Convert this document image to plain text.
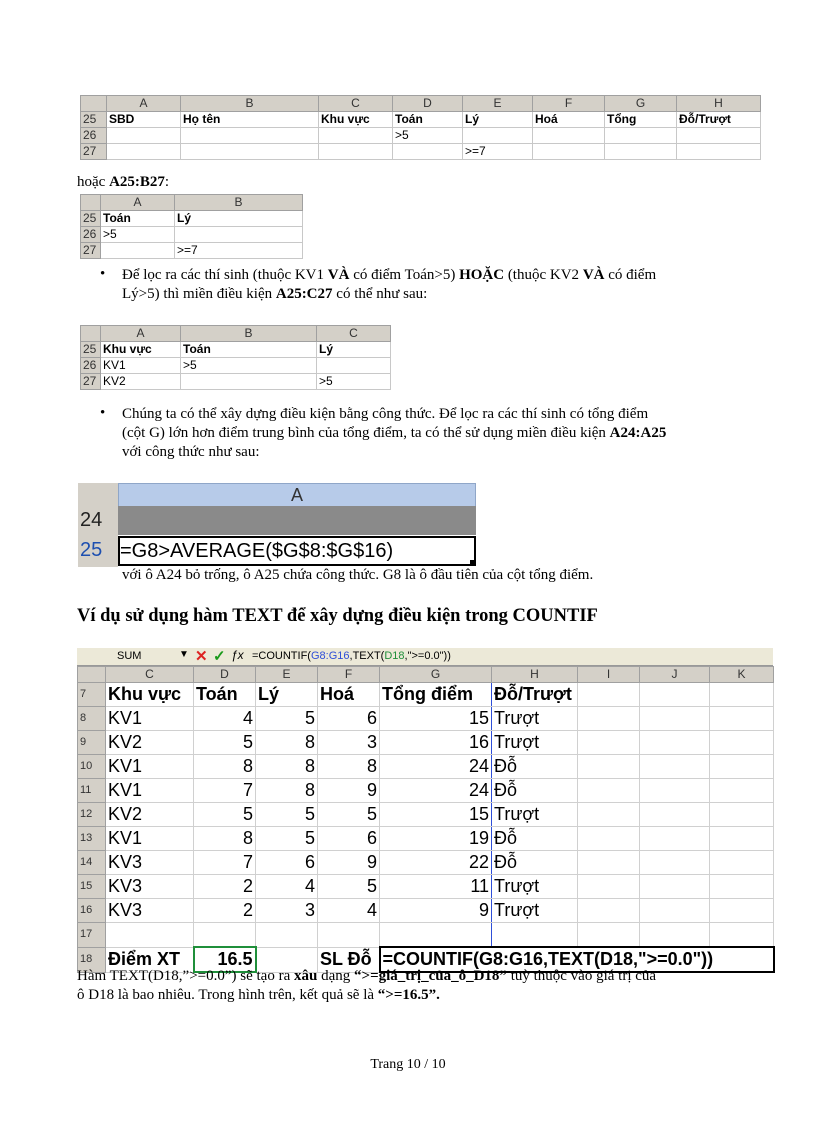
	A	B	C	D	E	F	G	H
25	SBD	Họ tên	Khu vực	Toán	Lý	Hoá	Tổng	Đỗ/Trượt
26				>5				
27					>=7			
hoặc A25:B27:
	A	B
25	Toán	Lý
26	>5	
27		>=7
• Để lọc ra các thí sinh (thuộc KV1 VÀ có điểm Toán>5) HOẶC (thuộc KV2 VÀ có điểm
Lý>5) thì miền điều kiện A25:C27 có thể như sau:
	A	B	C
25	Khu vực	Toán	Lý
26	KV1	>5	
27	KV2		>5
• Chúng ta có thể xây dựng điều kiện bằng công thức. Để lọc ra các thí sinh có tổng điểm
(cột G) lớn hơn điểm trung bình của tổng điểm, ta có thể sử dụng miền điều kiện A24:A25
với công thức như sau:
A
24
25 =G8>AVERAGE($G$8:$G$16)
với ô A24 bỏ trống, ô A25 chứa công thức. G8 là ô đầu tiên của cột tổng điểm.
Ví dụ sử dụng hàm TEXT để xây dựng điều kiện trong COUNTIF
SUM	▼ ✕ ✓ ƒx =COUNTIF(G8:G16,TEXT(D18,">=0.0"))
	C	D	E	F	G	H	I	J	K
7	Khu vực	Toán	Lý	Hoá	Tổng điểm	Đỗ/Trượt			
8	KV1	4	5	6	15	Trượt			
9	KV2	5	8	3	16	Trượt			
10	KV1	8	8	8	24	Đỗ			
11	KV1	7	8	9	24	Đỗ			
12	KV2	5	5	5	15	Trượt			
13	KV1	8	5	6	19	Đỗ			
14	KV3	7	6	9	22	Đỗ			
15	KV3	2	4	5	11	Trượt			
16	KV3	2	3	4	9	Trượt			
17									
18	Điểm XT	16.5		SL Đỗ	=COUNTIF(G8:G16,TEXT(D18,">=0.0"))				
Hàm TEXT(D18,”>=0.0”) sẽ tạo ra xâu dạng “>=giá_trị_của_ô_D18” tuỳ thuộc vào giá trị của
ô D18 là bao nhiêu. Trong hình trên, kết quả sẽ là “>=16.5”.
Trang 10 / 10
